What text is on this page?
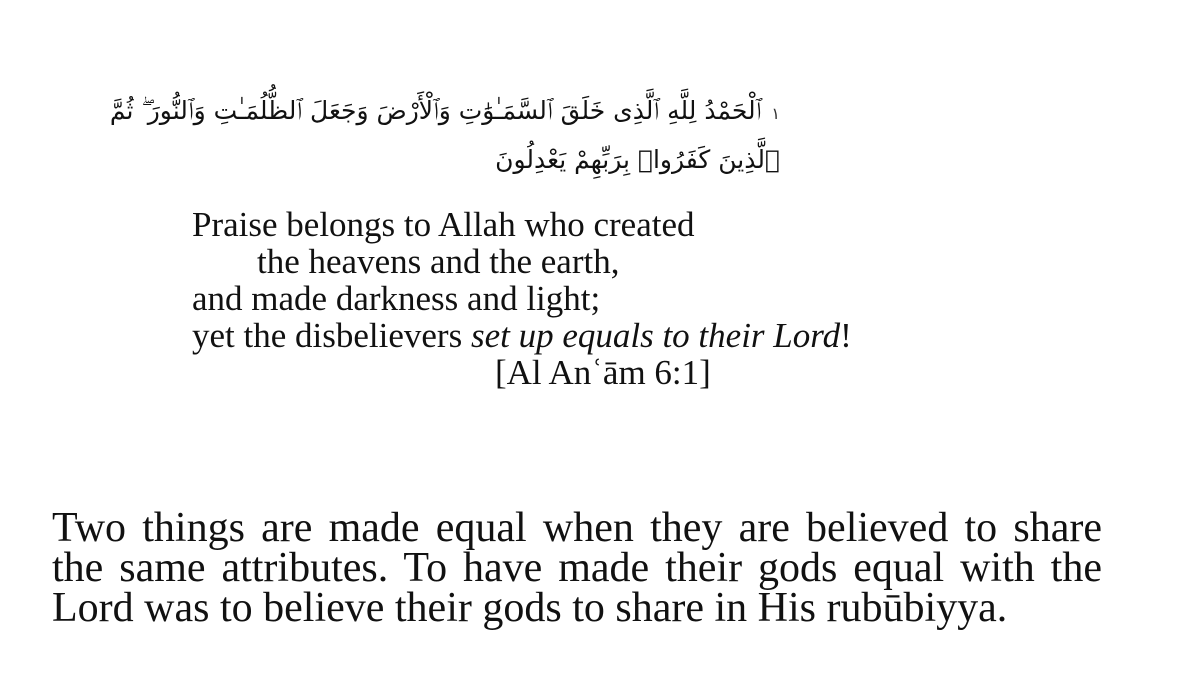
١ٱلْحَمْدُ لِلَّهِ ٱلَّذِى خَلَقَ ٱلسَّمَـٰوَٰتِ وَٱلْأَرْضَ وَجَعَلَ ٱلظُّلُمَـٰتِ وَٱلنُّورَ ۖ ثُمَّ
ٱلَّذِينَ كَفَرُوا۟ بِرَبِّهِمْ يَعْدِلُونَ
Praise belongs to Allah who created
the heavens and the earth,
and made darkness and light;
yet the disbelievers set up equals to their Lord!
[Al Anʿām 6:1]

Two things are made equal when they are believed to share the same attributes. To have made their gods equal with the Lord was to believe their gods to share in His rubūbiyya.
